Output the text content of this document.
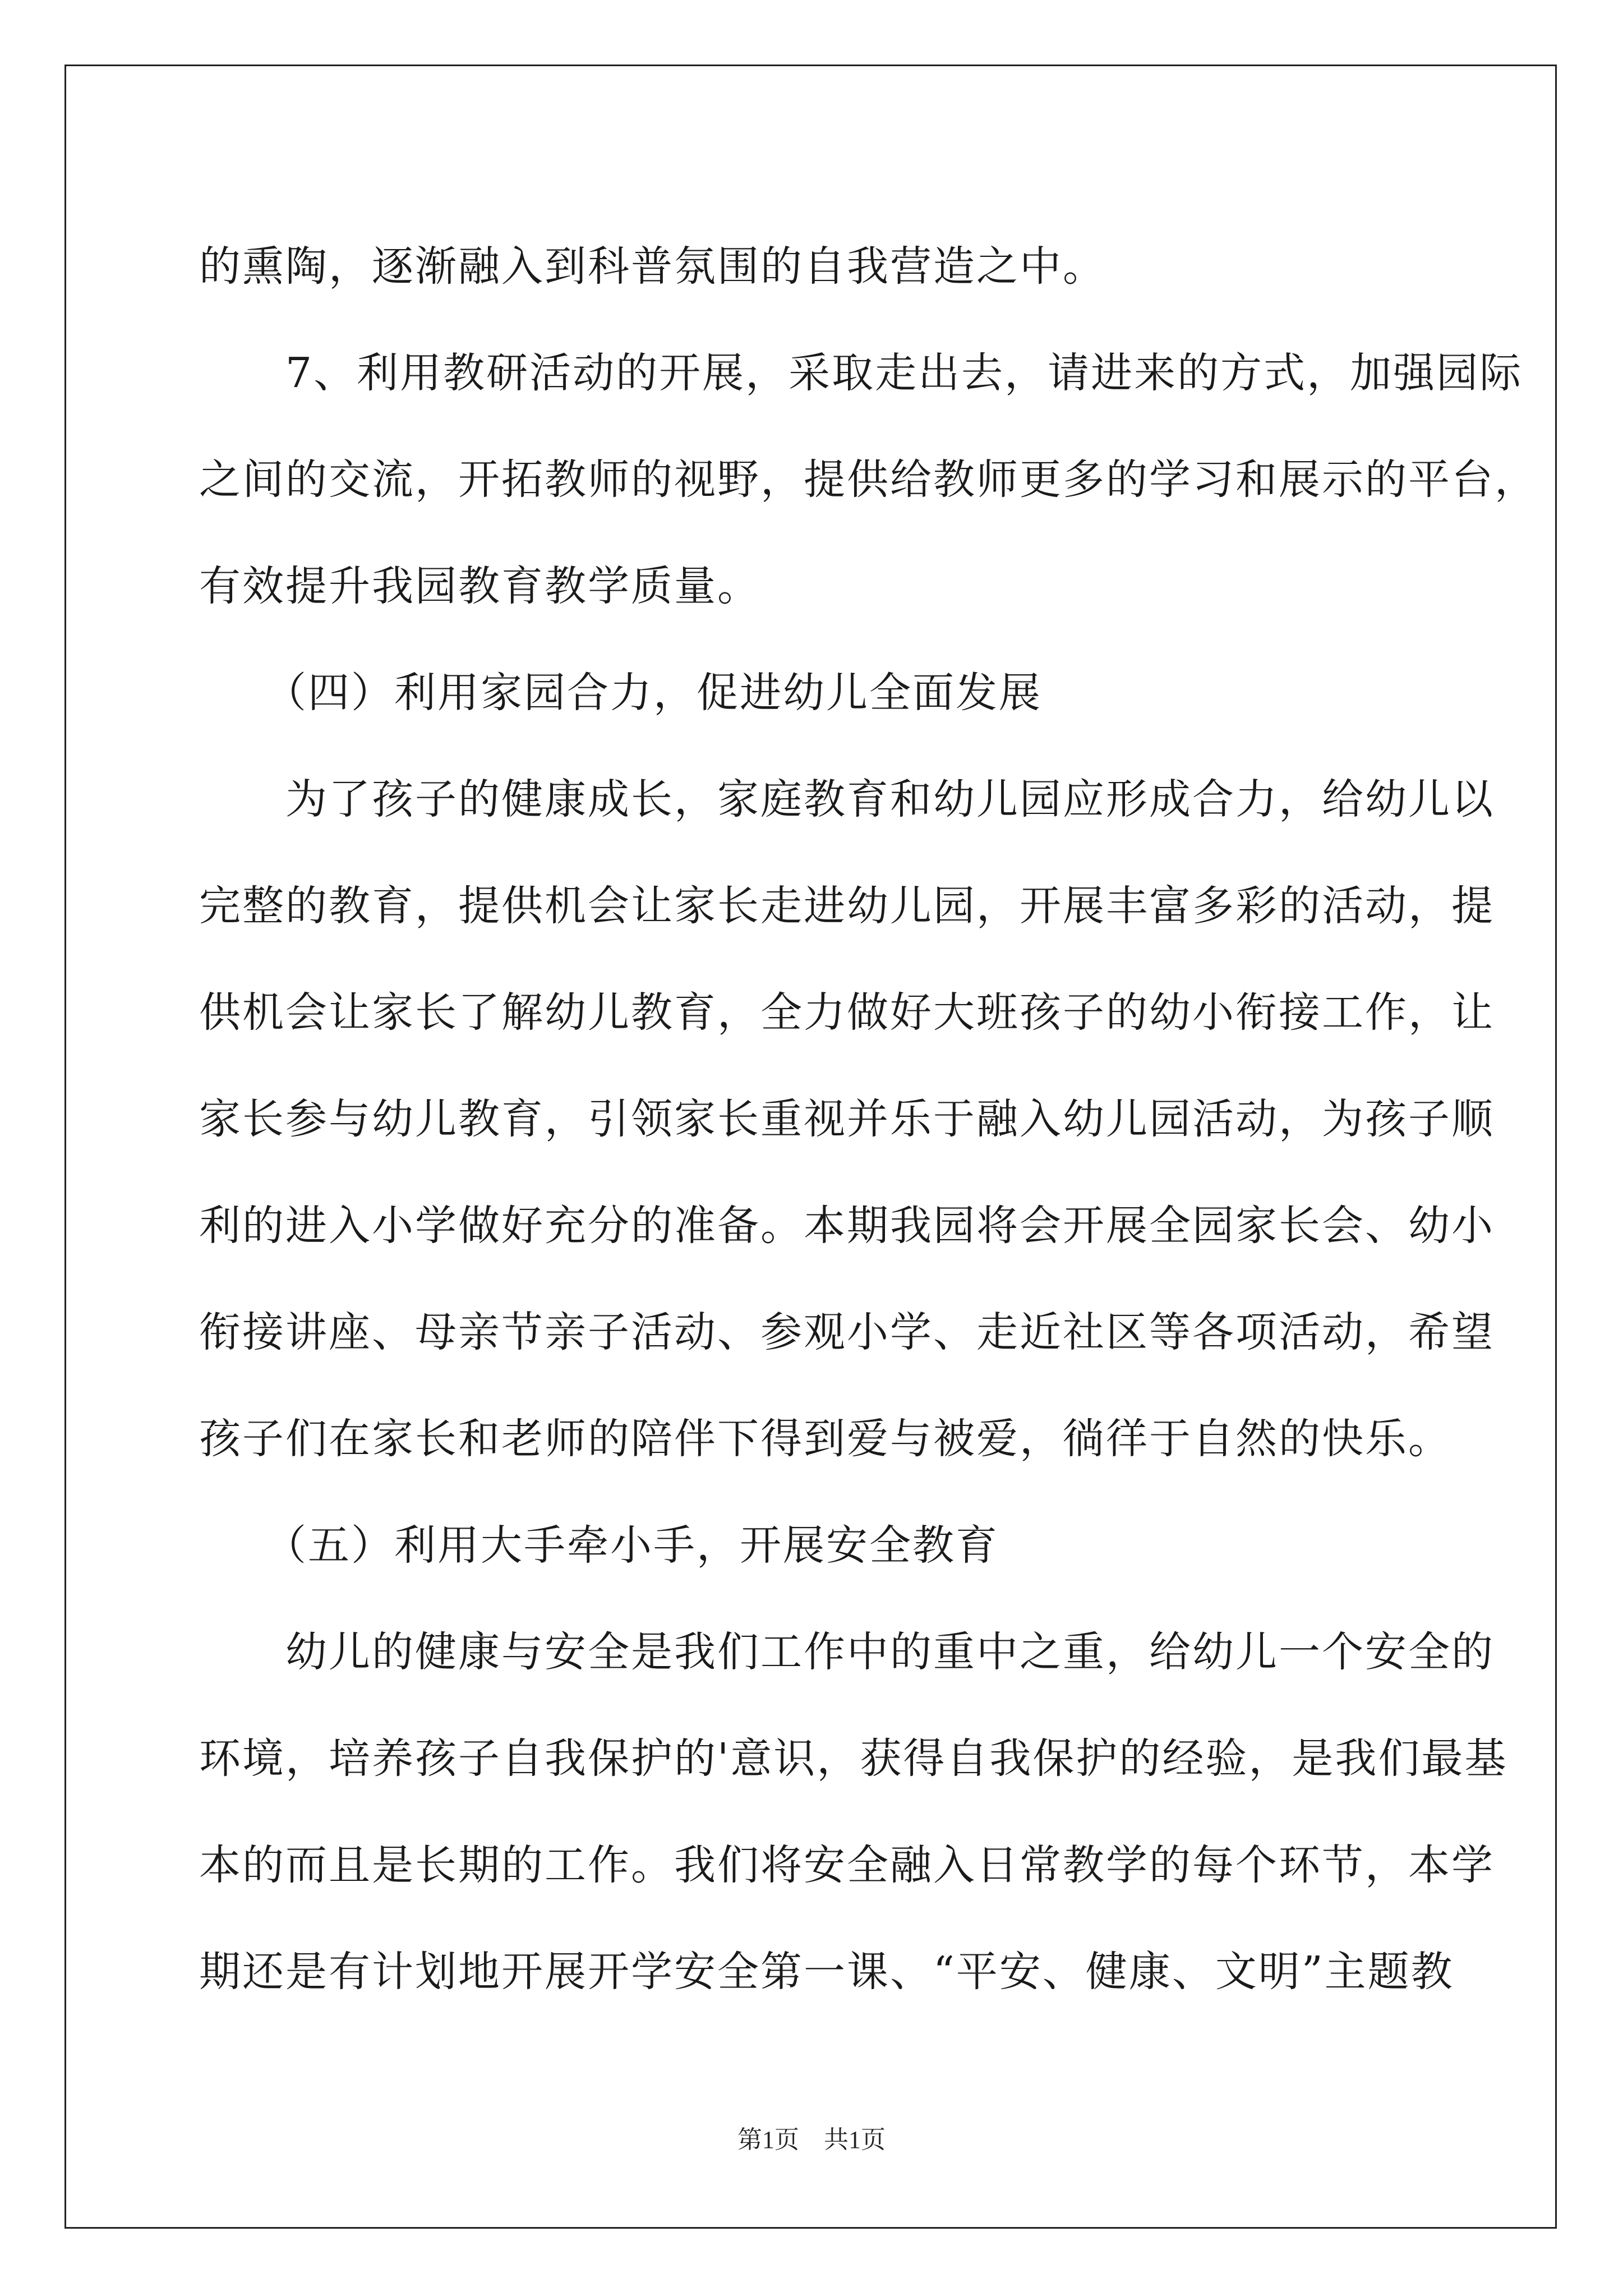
的熏陶，逐渐融入到科普氛围的自我营造之中。
　　7、利用教研活动的开展，采取走出去，请进来的方式，加强园际
之间的交流，开拓教师的视野，提供给教师更多的学习和展示的平台，
有效提升我园教育教学质量。
　　（四）利用家园合力，促进幼儿全面发展
　　为了孩子的健康成长，家庭教育和幼儿园应形成合力，给幼儿以
完整的教育，提供机会让家长走进幼儿园，开展丰富多彩的活动，提
供机会让家长了解幼儿教育，全力做好大班孩子的幼小衔接工作，让
家长参与幼儿教育，引领家长重视并乐于融入幼儿园活动，为孩子顺
利的进入小学做好充分的准备。本期我园将会开展全园家长会、幼小
衔接讲座、母亲节亲子活动、参观小学、走近社区等各项活动，希望
孩子们在家长和老师的陪伴下得到爱与被爱，徜徉于自然的快乐。
　　（五）利用大手牵小手，开展安全教育
　　幼儿的健康与安全是我们工作中的重中之重，给幼儿一个安全的
环境，培养孩子自我保护的'意识，获得自我保护的经验，是我们最基
本的而且是长期的工作。我们将安全融入日常教学的每个环节，本学
期还是有计划地开展开学安全第一课、“平安、健康、文明”主题教
第1页　共1页
